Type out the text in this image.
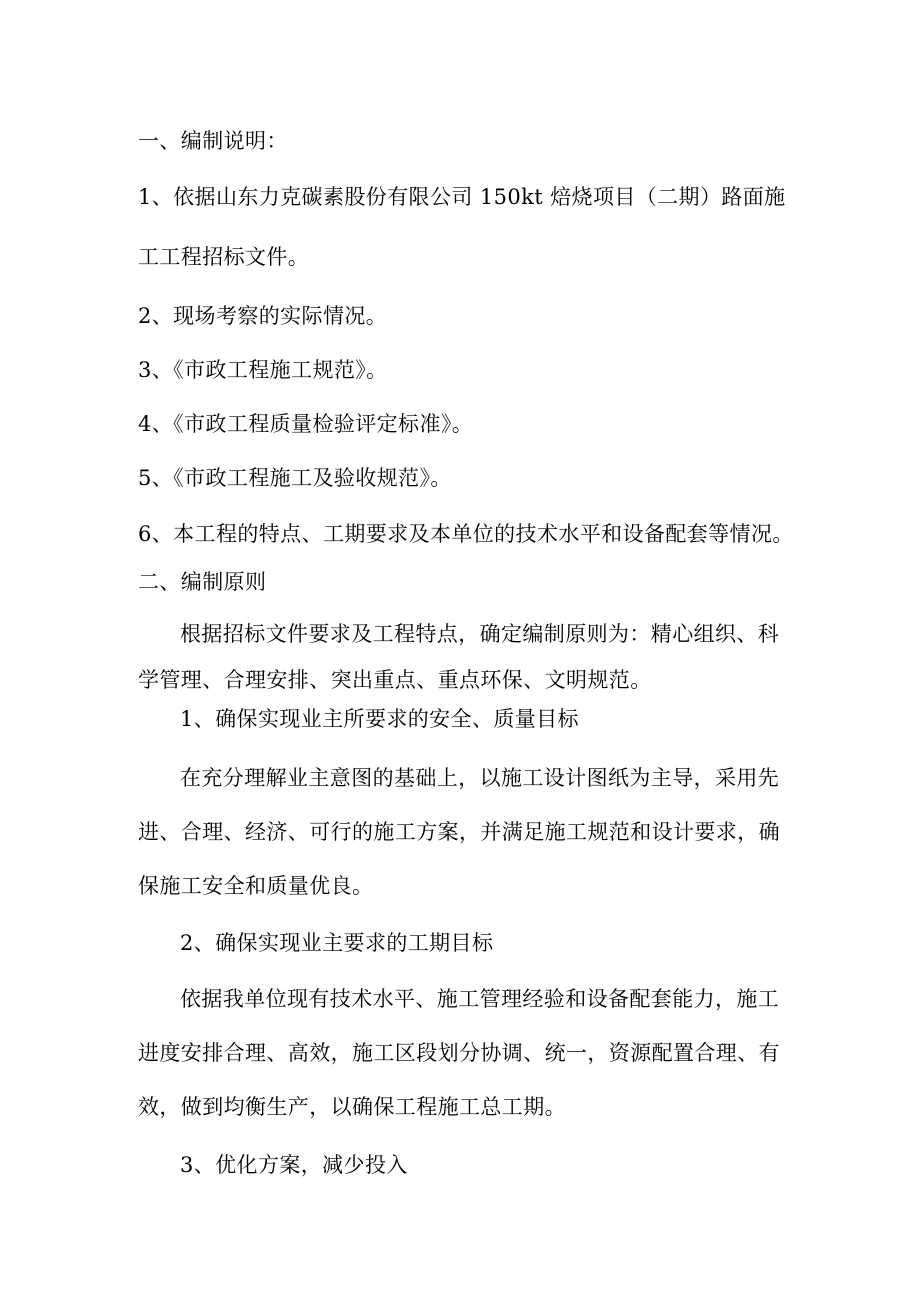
一、编制说明：
1、依据山东力克碳素股份有限公司 150kt 焙烧项目（二期）路面施
工工程招标文件。
2、现场考察的实际情况。
3、《市政工程施工规范》。
4、《市政工程质量检验评定标准》。
5、《市政工程施工及验收规范》。
6、本工程的特点、工期要求及本单位的技术水平和设备配套等情况。
二、编制原则
根据招标文件要求及工程特点，确定编制原则为：精心组织、科
学管理、合理安排、突出重点、重点环保、文明规范。
1、确保实现业主所要求的安全、质量目标
在充分理解业主意图的基础上，以施工设计图纸为主导，采用先
进、合理、经济、可行的施工方案，并满足施工规范和设计要求，确
保施工安全和质量优良。
2、确保实现业主要求的工期目标
依据我单位现有技术水平、施工管理经验和设备配套能力，施工
进度安排合理、高效，施工区段划分协调、统一，资源配置合理、有
效，做到均衡生产，以确保工程施工总工期。
3、优化方案，减少投入
